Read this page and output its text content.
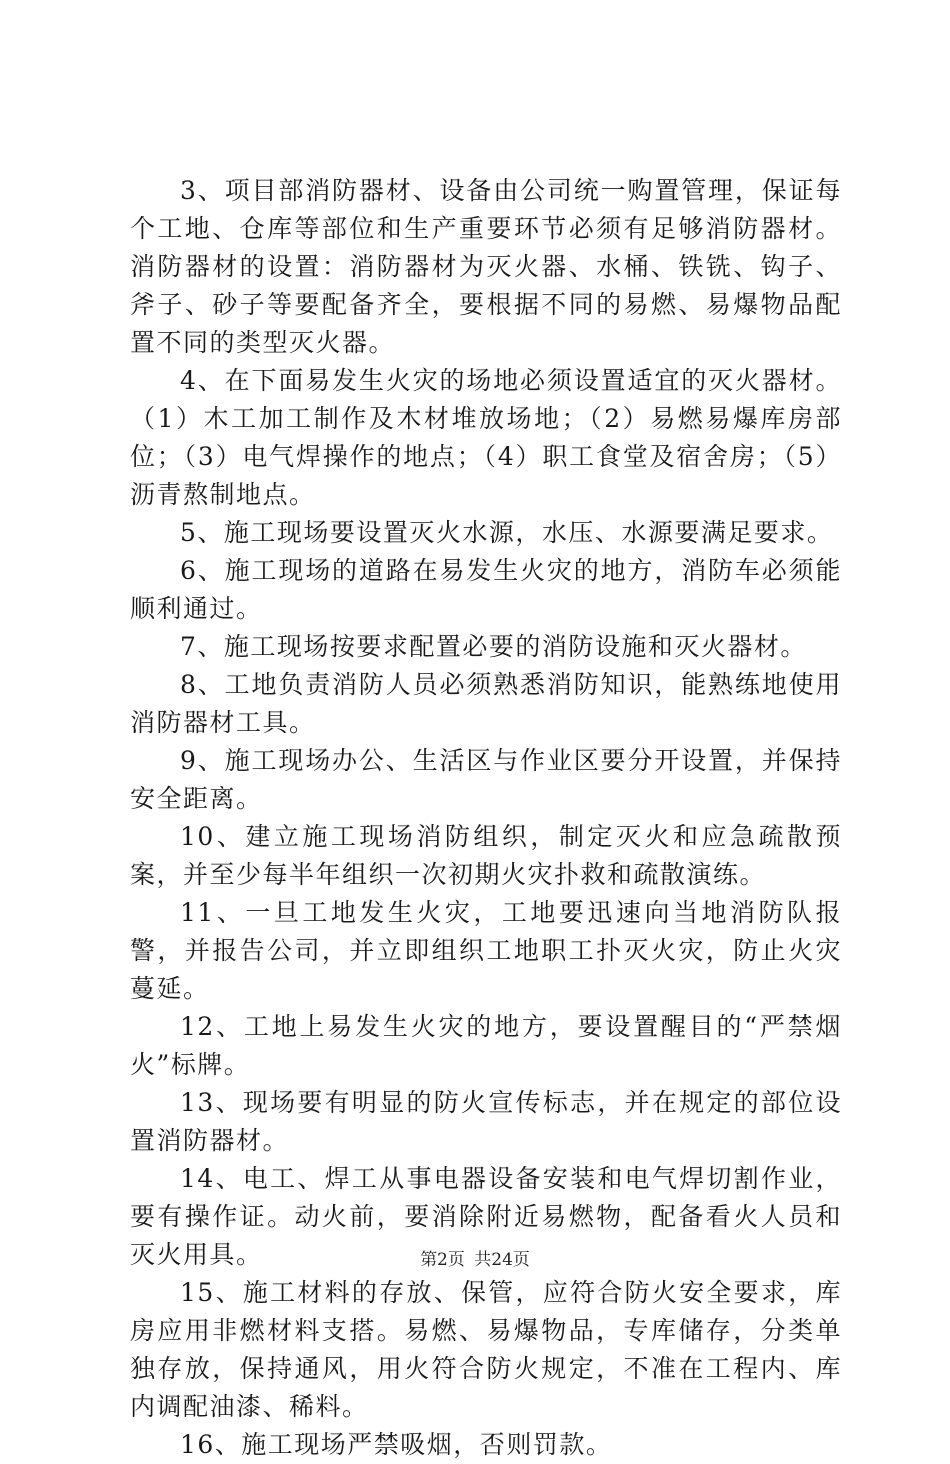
3、项目部消防器材、设备由公司统一购置管理，保证每个工地、仓库等部位和生产重要环节必须有足够消防器材。消防器材的设置：消防器材为灭火器、水桶、铁铣、钩子、斧子、砂子等要配备齐全，要根据不同的易燃、易爆物品配置不同的类型灭火器。

4、在下面易发生火灾的场地必须设置适宜的灭火器材。（1）木工加工制作及木材堆放场地；（2）易燃易爆库房部位；（3）电气焊操作的地点；（4）职工食堂及宿舍房；（5）沥青熬制地点。

5、施工现场要设置灭火水源，水压、水源要满足要求。

6、施工现场的道路在易发生火灾的地方，消防车必须能顺利通过。

7、施工现场按要求配置必要的消防设施和灭火器材。

8、工地负责消防人员必须熟悉消防知识，能熟练地使用消防器材工具。

9、施工现场办公、生活区与作业区要分开设置，并保持安全距离。

10、建立施工现场消防组织，制定灭火和应急疏散预案，并至少每半年组织一次初期火灾扑救和疏散演练。

11、一旦工地发生火灾，工地要迅速向当地消防队报警，并报告公司，并立即组织工地职工扑灭火灾，防止火灾蔓延。

12、工地上易发生火灾的地方，要设置醒目的“严禁烟火”标牌。

13、现场要有明显的防火宣传标志，并在规定的部位设置消防器材。

14、电工、焊工从事电器设备安装和电气焊切割作业，要有操作证。动火前，要消除附近易燃物，配备看火人员和灭火用具。

15、施工材料的存放、保管，应符合防火安全要求，库房应用非燃材料支搭。易燃、易爆物品，专库储存，分类单独存放，保持通风，用火符合防火规定，不准在工程内、库内调配油漆、稀料。

16、施工现场严禁吸烟，否则罚款。

第2页 共24页
